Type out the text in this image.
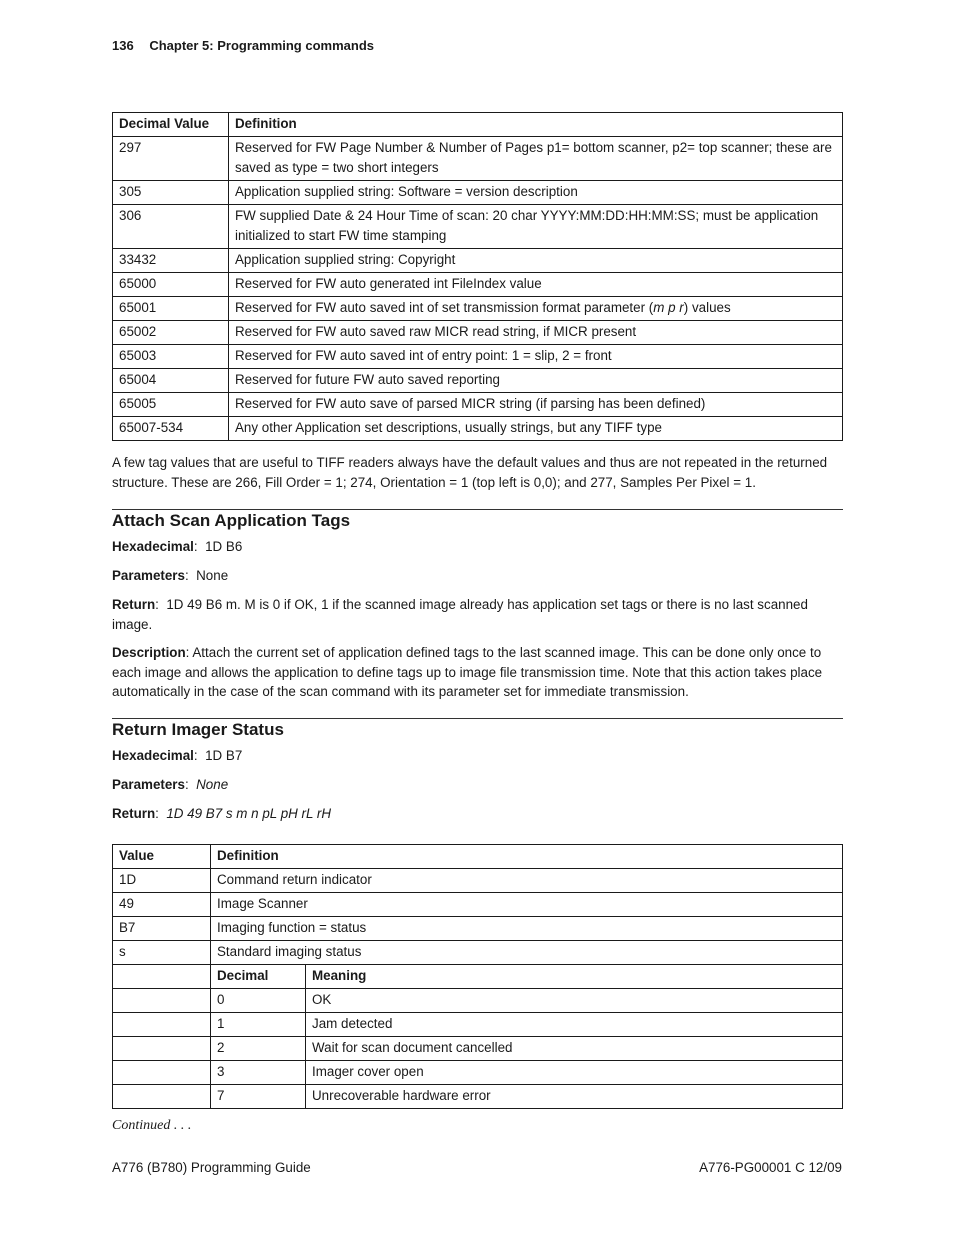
136 Chapter 5: Programming commands
Decimal Value	Definition
297	Reserved for FW Page Number & Number of Pages p1= bottom scanner, p2= top scanner; these are saved as type = two short integers
305	Application supplied string: Software = version description
306	FW supplied Date & 24 Hour Time of scan: 20 char YYYY:MM:DD:HH:MM:SS; must be application initialized to start FW time stamping
33432	Application supplied string: Copyright
65000	Reserved for FW auto generated int FileIndex value
65001	Reserved for FW auto saved int of set transmission format parameter (m p r) values
65002	Reserved for FW auto saved raw MICR read string, if MICR present
65003	Reserved for FW auto saved int of entry point: 1 = slip, 2 = front
65004	Reserved for future FW auto saved reporting
65005	Reserved for FW auto save of parsed MICR string (if parsing has been defined)
65007-534	Any other Application set descriptions, usually strings, but any TIFF type
A few tag values that are useful to TIFF readers always have the default values and thus are not repeated in the returned structure. These are 266, Fill Order = 1; 274, Orientation = 1 (top left is 0,0); and 277, Samples Per Pixel = 1.
Attach Scan Application Tags
Hexadecimal:  1D B6
Parameters:  None
Return:  1D 49 B6 m. M is 0 if OK, 1 if the scanned image already has application set tags or there is no last scanned image.
Description: Attach the current set of application defined tags to the last scanned image. This can be done only once to each image and allows the application to define tags up to image file transmission time. Note that this action takes place automatically in the case of the scan command with its parameter set for immediate transmission.
Return Imager Status
Hexadecimal:  1D B7
Parameters:  None
Return:  1D 49 B7 s m n pL pH rL rH
Value	Definition	
1D	Command return indicator	
49	Image Scanner	
B7	Imaging function = status	
s	Standard imaging status	
	Decimal	Meaning
	0	OK
	1	Jam detected
	2	Wait for scan document cancelled
	3	Imager cover open
	7	Unrecoverable hardware error
Continued . . .
A776 (B780) Programming Guide	A776-PG00001 C 12/09
